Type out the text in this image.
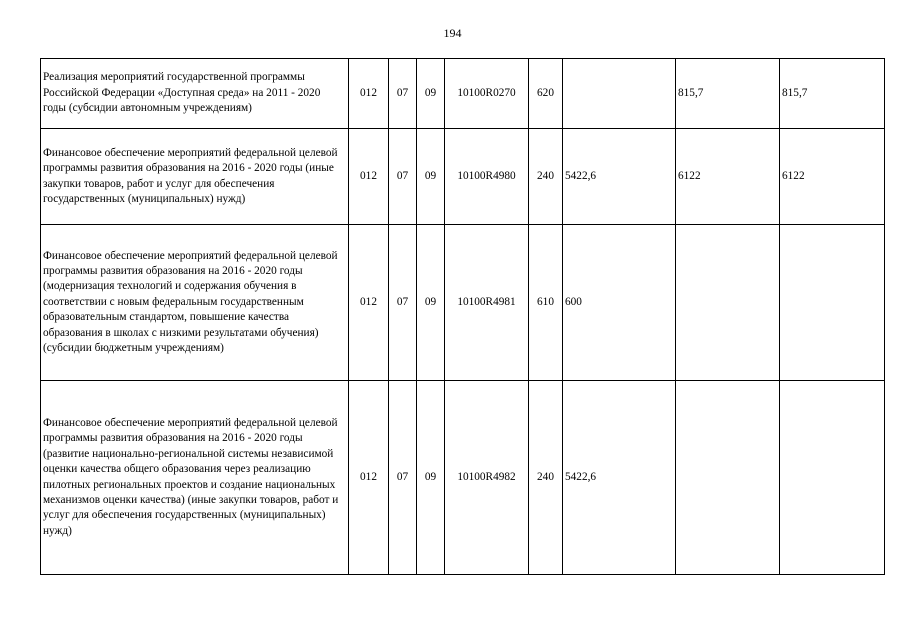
194
Реализация мероприятий государственной программы Российской Федерации «Доступная среда» на 2011 - 2020 годы (субсидии автономным учреждениям)	012	07	09	10100R0270	620		815,7	815,7
Финансовое обеспечение мероприятий федеральной целевой программы развития образования на 2016 - 2020 годы (иные закупки товаров, работ и услуг для обеспечения государственных (муниципальных) нужд)	012	07	09	10100R4980	240	5422,6	6122	6122
Финансовое обеспечение мероприятий федеральной целевой программы развития образования на 2016 - 2020 годы (модернизация технологий и содержания обучения в соответствии с новым федеральным государственным образовательным стандартом, повышение качества образования в школах с низкими результатами обучения) (субсидии бюджетным учреждениям)	012	07	09	10100R4981	610	600		
Финансовое обеспечение мероприятий федеральной целевой программы развития образования на 2016 - 2020 годы (развитие национально-региональной системы независимой оценки качества общего образования через реализацию пилотных региональных проектов и создание национальных механизмов оценки качества) (иные закупки товаров, работ и услуг для обеспечения государственных (муниципальных) нужд)	012	07	09	10100R4982	240	5422,6		
